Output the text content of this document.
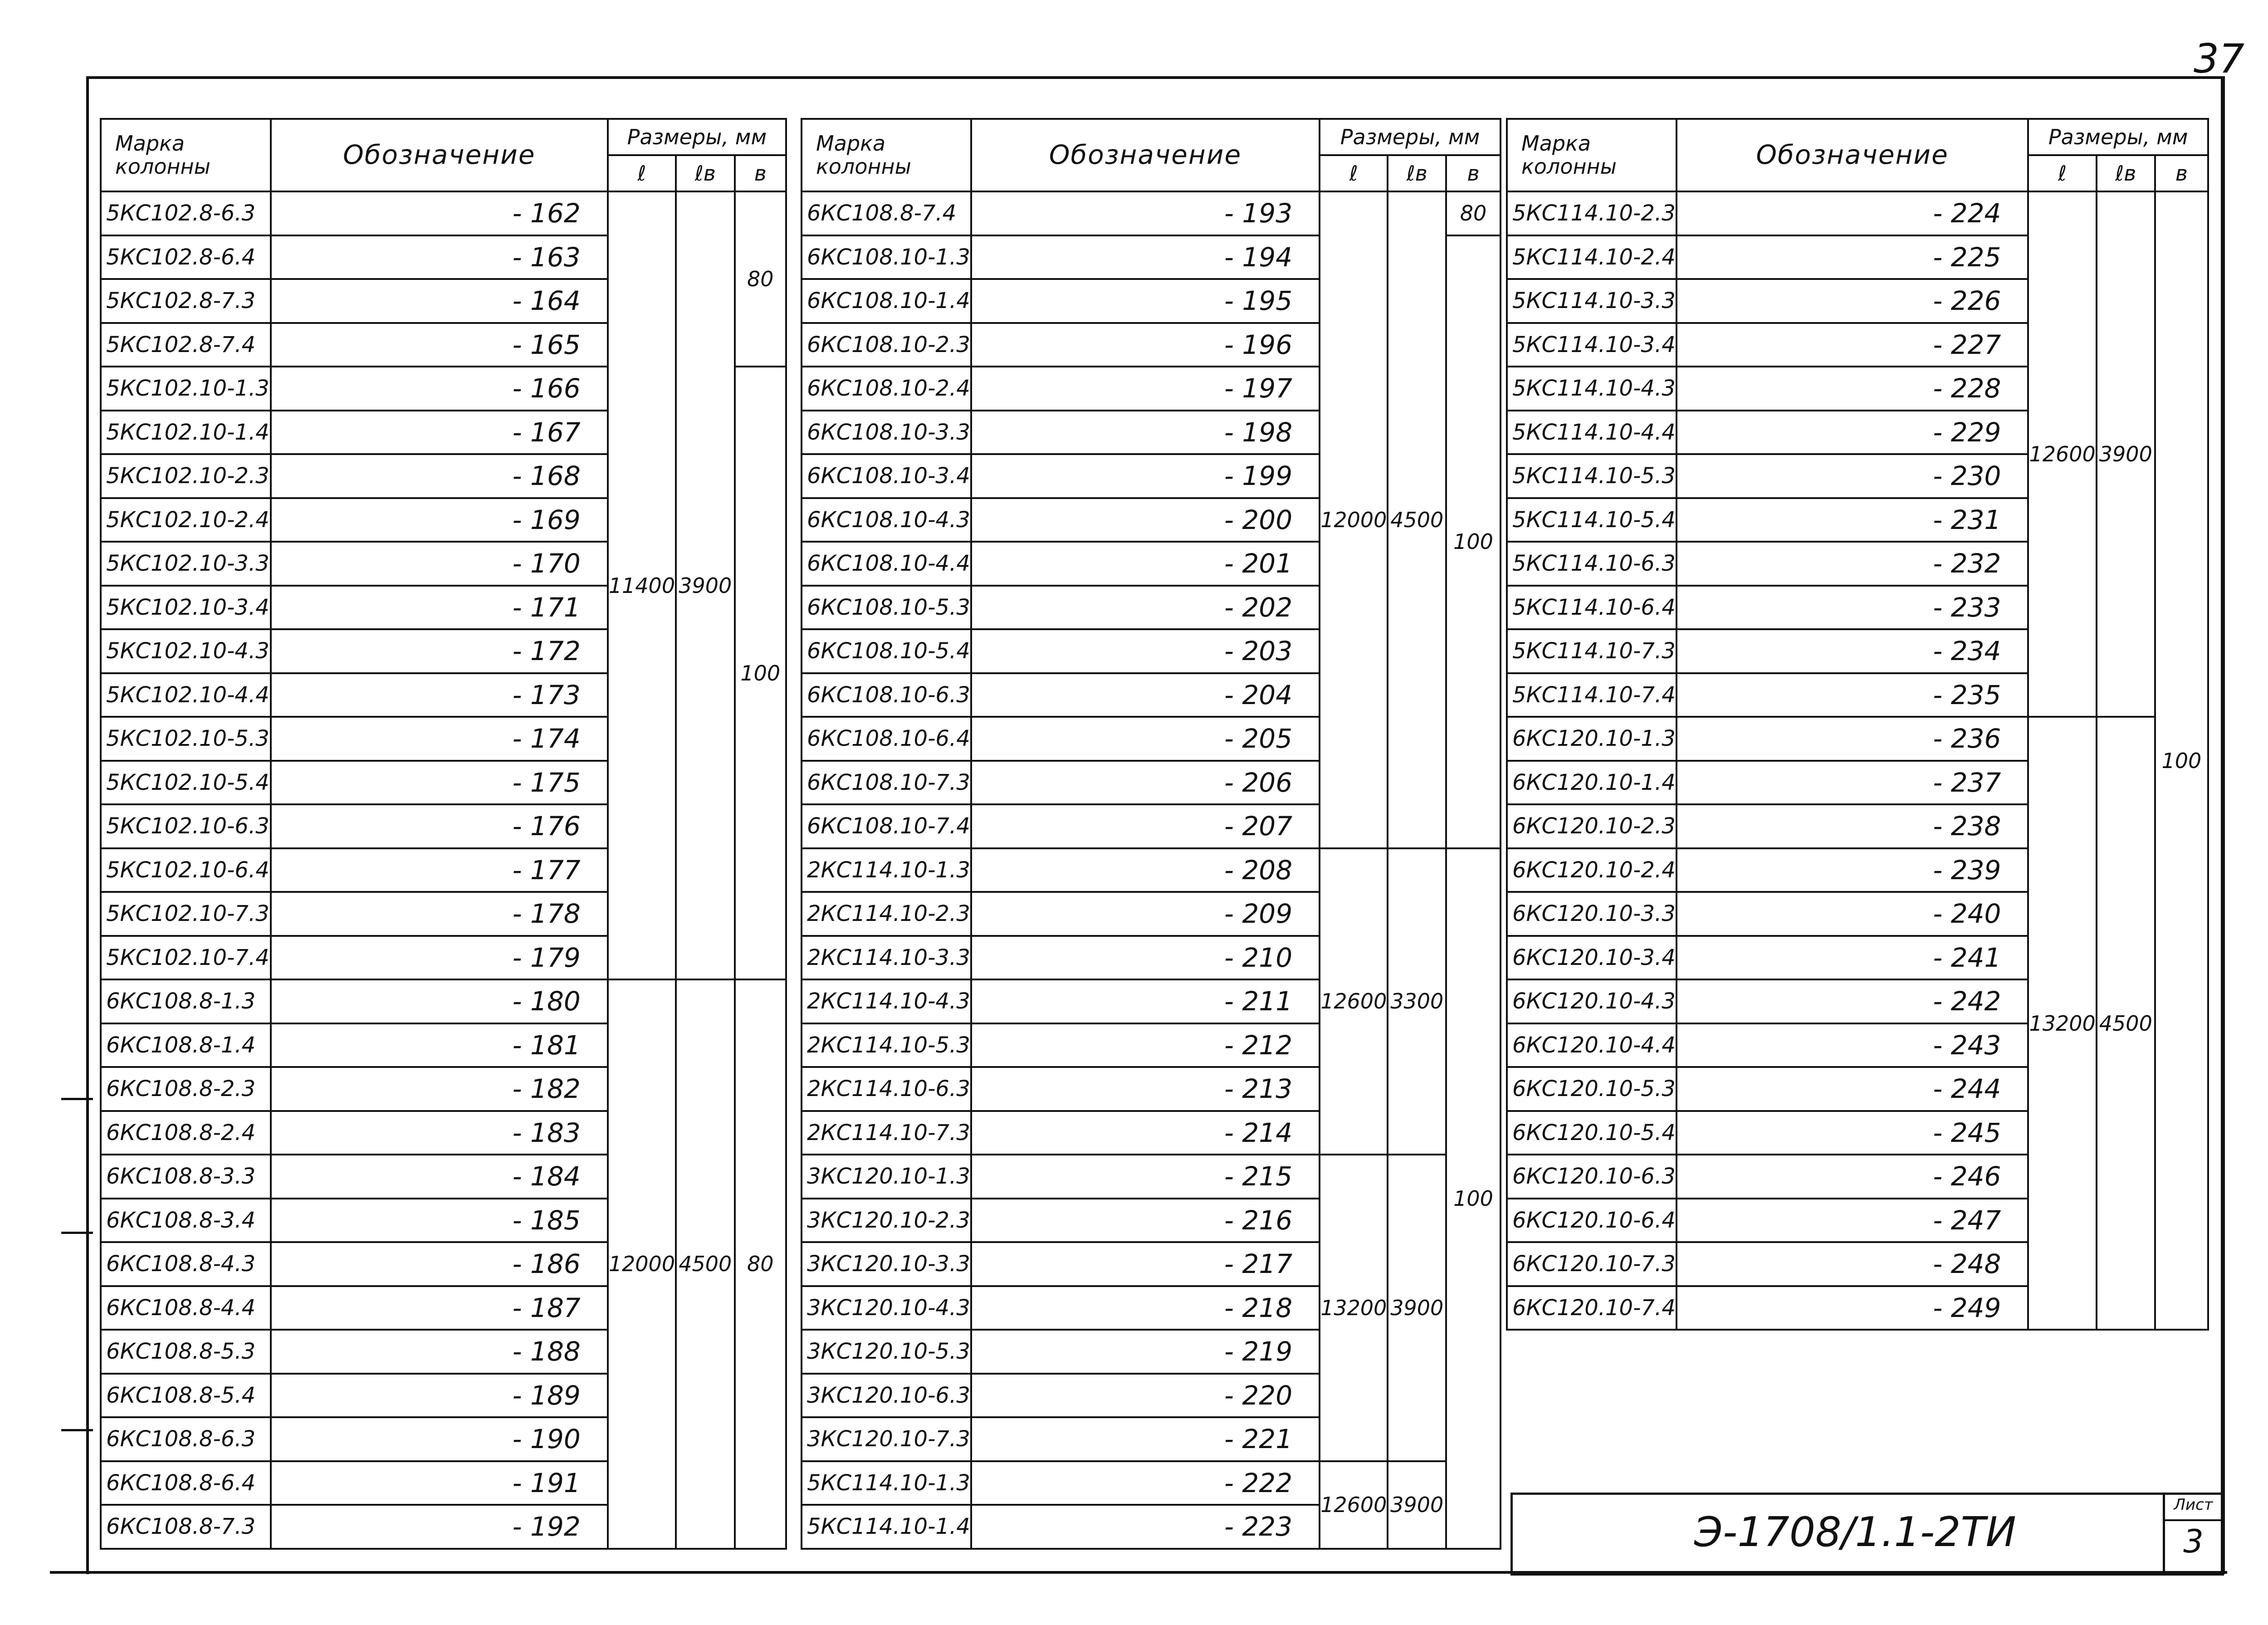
37
Марка
колонны	Обозначение	Размеры, мм		
		ℓ	ℓв	в
5КС102.8-6.3	- 162	11400	3900	80
5КС102.8-6.4	- 163			
5КС102.8-7.3	- 164			
5КС102.8-7.4	- 165			
5КС102.10-1.3	- 166			100
5КС102.10-1.4	- 167			
5КС102.10-2.3	- 168			
5КС102.10-2.4	- 169			
5КС102.10-3.3	- 170			
5КС102.10-3.4	- 171			
5КС102.10-4.3	- 172			
5КС102.10-4.4	- 173			
5КС102.10-5.3	- 174			
5КС102.10-5.4	- 175			
5КС102.10-6.3	- 176			
5КС102.10-6.4	- 177			
5КС102.10-7.3	- 178			
5КС102.10-7.4	- 179			
6КС108.8-1.3	- 180	12000	4500	80
6КС108.8-1.4	- 181			
6КС108.8-2.3	- 182			
6КС108.8-2.4	- 183			
6КС108.8-3.3	- 184			
6КС108.8-3.4	- 185			
6КС108.8-4.3	- 186			
6КС108.8-4.4	- 187			
6КС108.8-5.3	- 188			
6КС108.8-5.4	- 189			
6КС108.8-6.3	- 190			
6КС108.8-6.4	- 191			
6КС108.8-7.3	- 192			
Марка
колонны	Обозначение	Размеры, мм		
		ℓ	ℓв	в
6КС108.8-7.4	- 193	12000	4500	80
6КС108.10-1.3	- 194			100
6КС108.10-1.4	- 195			
6КС108.10-2.3	- 196			
6КС108.10-2.4	- 197			
6КС108.10-3.3	- 198			
6КС108.10-3.4	- 199			
6КС108.10-4.3	- 200			
6КС108.10-4.4	- 201			
6КС108.10-5.3	- 202			
6КС108.10-5.4	- 203			
6КС108.10-6.3	- 204			
6КС108.10-6.4	- 205			
6КС108.10-7.3	- 206			
6КС108.10-7.4	- 207			
2КС114.10-1.3	- 208	12600	3300	100
2КС114.10-2.3	- 209			
2КС114.10-3.3	- 210			
2КС114.10-4.3	- 211			
2КС114.10-5.3	- 212			
2КС114.10-6.3	- 213			
2КС114.10-7.3	- 214			
3КС120.10-1.3	- 215	13200	3900	
3КС120.10-2.3	- 216			
3КС120.10-3.3	- 217			
3КС120.10-4.3	- 218			
3КС120.10-5.3	- 219			
3КС120.10-6.3	- 220			
3КС120.10-7.3	- 221			
5КС114.10-1.3	- 222	12600	3900	
5КС114.10-1.4	- 223			
Марка
колонны	Обозначение	Размеры, мм		
		ℓ	ℓв	в
5КС114.10-2.3	- 224	12600	3900	100
5КС114.10-2.4	- 225			
5КС114.10-3.3	- 226			
5КС114.10-3.4	- 227			
5КС114.10-4.3	- 228			
5КС114.10-4.4	- 229			
5КС114.10-5.3	- 230			
5КС114.10-5.4	- 231			
5КС114.10-6.3	- 232			
5КС114.10-6.4	- 233			
5КС114.10-7.3	- 234			
5КС114.10-7.4	- 235			
6КС120.10-1.3	- 236	13200	4500	
6КС120.10-1.4	- 237			
6КС120.10-2.3	- 238			
6КС120.10-2.4	- 239			
6КС120.10-3.3	- 240			
6КС120.10-3.4	- 241			
6КС120.10-4.3	- 242			
6КС120.10-4.4	- 243			
6КС120.10-5.3	- 244			
6КС120.10-5.4	- 245			
6КС120.10-6.3	- 246			
6КС120.10-6.4	- 247			
6КС120.10-7.3	- 248			
6КС120.10-7.4	- 249			
Э-1708/1.1-2ТИ
Лист
3
